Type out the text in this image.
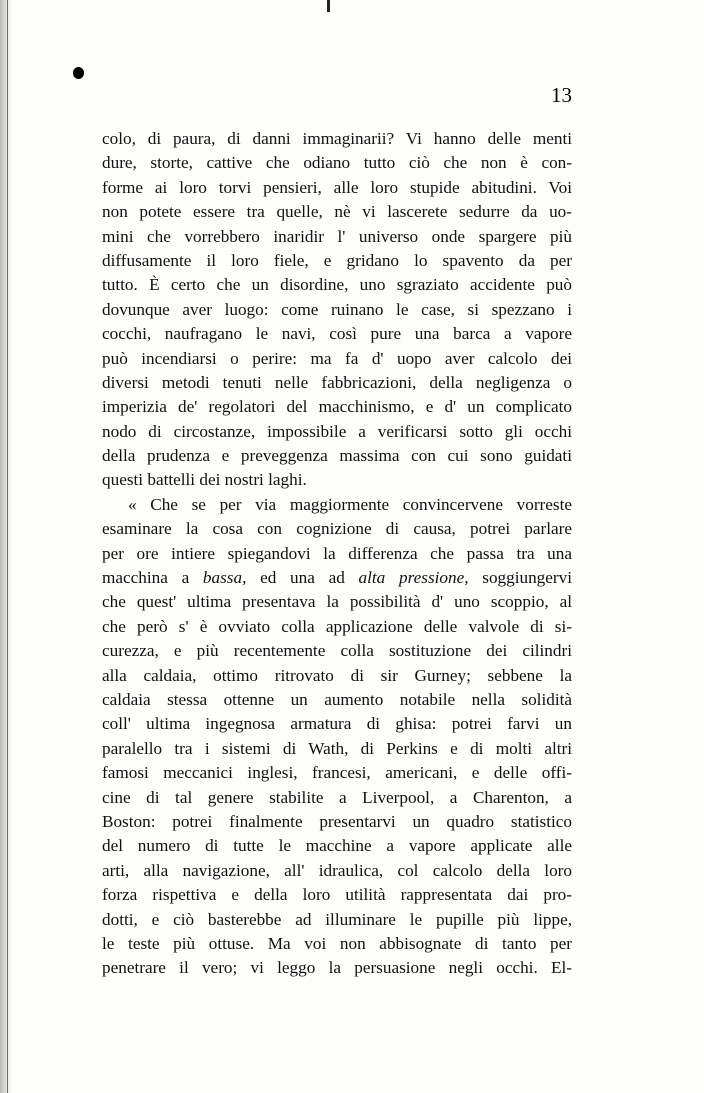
13
colo, di paura, di danni immaginarii? Vi hanno delle menti
dure, storte, cattive che odiano tutto ciò che non è con-
forme ai loro torvi pensieri, alle loro stupide abitudini. Voi
non potete essere tra quelle, nè vi lascerete sedurre da uo-
mini che vorrebbero inaridir l' universo onde spargere più
diffusamente il loro fiele, e gridano lo spavento da per
tutto. È certo che un disordine, uno sgraziato accidente può
dovunque aver luogo: come ruinano le case, si spezzano i
cocchi, naufragano le navi, così pure una barca a vapore
può incendiarsi o perire: ma fa d' uopo aver calcolo dei
diversi metodi tenuti nelle fabbricazioni, della negligenza o
imperizia de' regolatori del macchinismo, e d' un complicato
nodo di circostanze, impossibile a verificarsi sotto gli occhi
della prudenza e preveggenza massima con cui sono guidati
questi battelli dei nostri laghi.
« Che se per via maggiormente convincervene vorreste
esaminare la cosa con cognizione di causa, potrei parlare
per ore intiere spiegandovi la differenza che passa tra una
macchina a bassa, ed una ad alta pressione, soggiungervi
che quest' ultima presentava la possibilità d' uno scoppio, al
che però s' è ovviato colla applicazione delle valvole di si-
curezza, e più recentemente colla sostituzione dei cilindri
alla caldaia, ottimo ritrovato di sir Gurney; sebbene la
caldaia stessa ottenne un aumento notabile nella solidità
coll' ultima ingegnosa armatura di ghisa: potrei farvi un
paralello tra i sistemi di Wath, di Perkins e di molti altri
famosi meccanici inglesi, francesi, americani, e delle offi-
cine di tal genere stabilite a Liverpool, a Charenton, a
Boston: potrei finalmente presentarvi un quadro statistico
del numero di tutte le macchine a vapore applicate alle
arti, alla navigazione, all' idraulica, col calcolo della loro
forza rispettiva e della loro utilità rappresentata dai pro-
dotti, e ciò basterebbe ad illuminare le pupille più lippe,
le teste più ottuse. Ma voi non abbisognate di tanto per
penetrare il vero; vi leggo la persuasione negli occhi. El-
